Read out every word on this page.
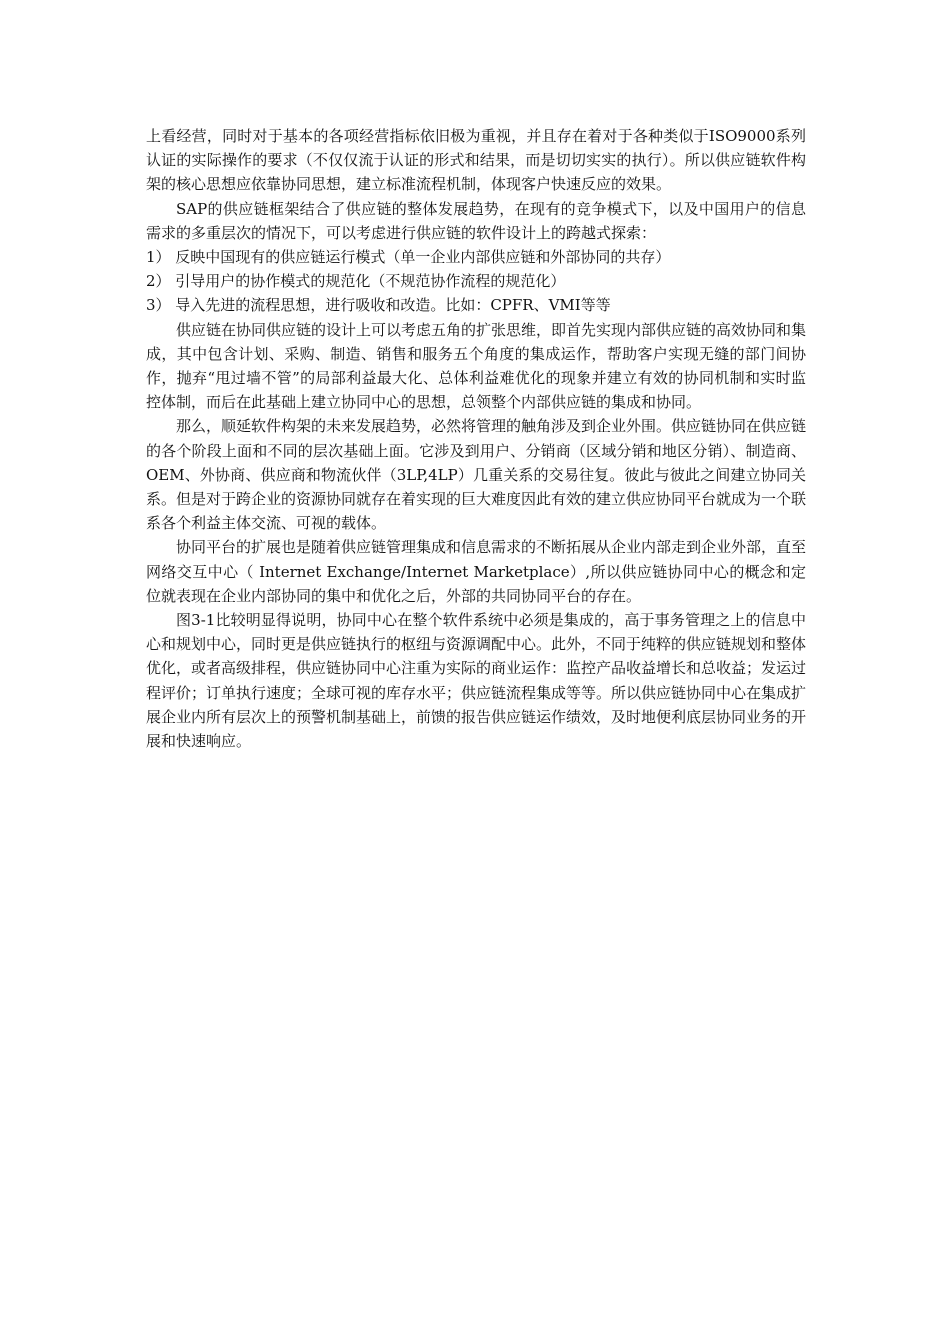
上看经营，同时对于基本的各项经营指标依旧极为重视，并且存在着对于各种类似于ISO9000系列认证的实际操作的要求（不仅仅流于认证的形式和结果，而是切切实实的执行）。所以供应链软件构架的核心思想应依靠协同思想，建立标准流程机制，体现客户快速反应的效果。

SAP的供应链框架结合了供应链的整体发展趋势，在现有的竞争模式下，以及中国用户的信息需求的多重层次的情况下，可以考虑进行供应链的软件设计上的跨越式探索：

1） 反映中国现有的供应链运行模式（单一企业内部供应链和外部协同的共存）

2） 引导用户的协作模式的规范化（不规范协作流程的规范化）

3） 导入先进的流程思想，进行吸收和改造。比如：CPFR、VMI等等

供应链在协同供应链的设计上可以考虑五角的扩张思维，即首先实现内部供应链的高效协同和集成，其中包含计划、采购、制造、销售和服务五个角度的集成运作，帮助客户实现无缝的部门间协作，抛弃“甩过墙不管”的局部利益最大化、总体利益难优化的现象并建立有效的协同机制和实时监控体制，而后在此基础上建立协同中心的思想，总领整个内部供应链的集成和协同。

那么，顺延软件构架的未来发展趋势，必然将管理的触角涉及到企业外围。供应链协同在供应链的各个阶段上面和不同的层次基础上面。它涉及到用户、分销商（区域分销和地区分销）、制造商、OEM、外协商、供应商和物流伙伴（3LP,4LP）几重关系的交易往复。彼此与彼此之间建立协同关系。但是对于跨企业的资源协同就存在着实现的巨大难度因此有效的建立供应协同平台就成为一个联系各个利益主体交流、可视的载体。

协同平台的扩展也是随着供应链管理集成和信息需求的不断拓展从企业内部走到企业外部，直至网络交互中心（ Internet Exchange/Internet Marketplace）,所以供应链协同中心的概念和定位就表现在企业内部协同的集中和优化之后，外部的共同协同平台的存在。

图3-1比较明显得说明，协同中心在整个软件系统中必须是集成的，高于事务管理之上的信息中心和规划中心，同时更是供应链执行的枢纽与资源调配中心。此外，不同于纯粹的供应链规划和整体优化，或者高级排程，供应链协同中心注重为实际的商业运作：监控产品收益增长和总收益；发运过程评价；订单执行速度；全球可视的库存水平；供应链流程集成等等。所以供应链协同中心在集成扩展企业内所有层次上的预警机制基础上，前馈的报告供应链运作绩效，及时地便利底层协同业务的开展和快速响应。
